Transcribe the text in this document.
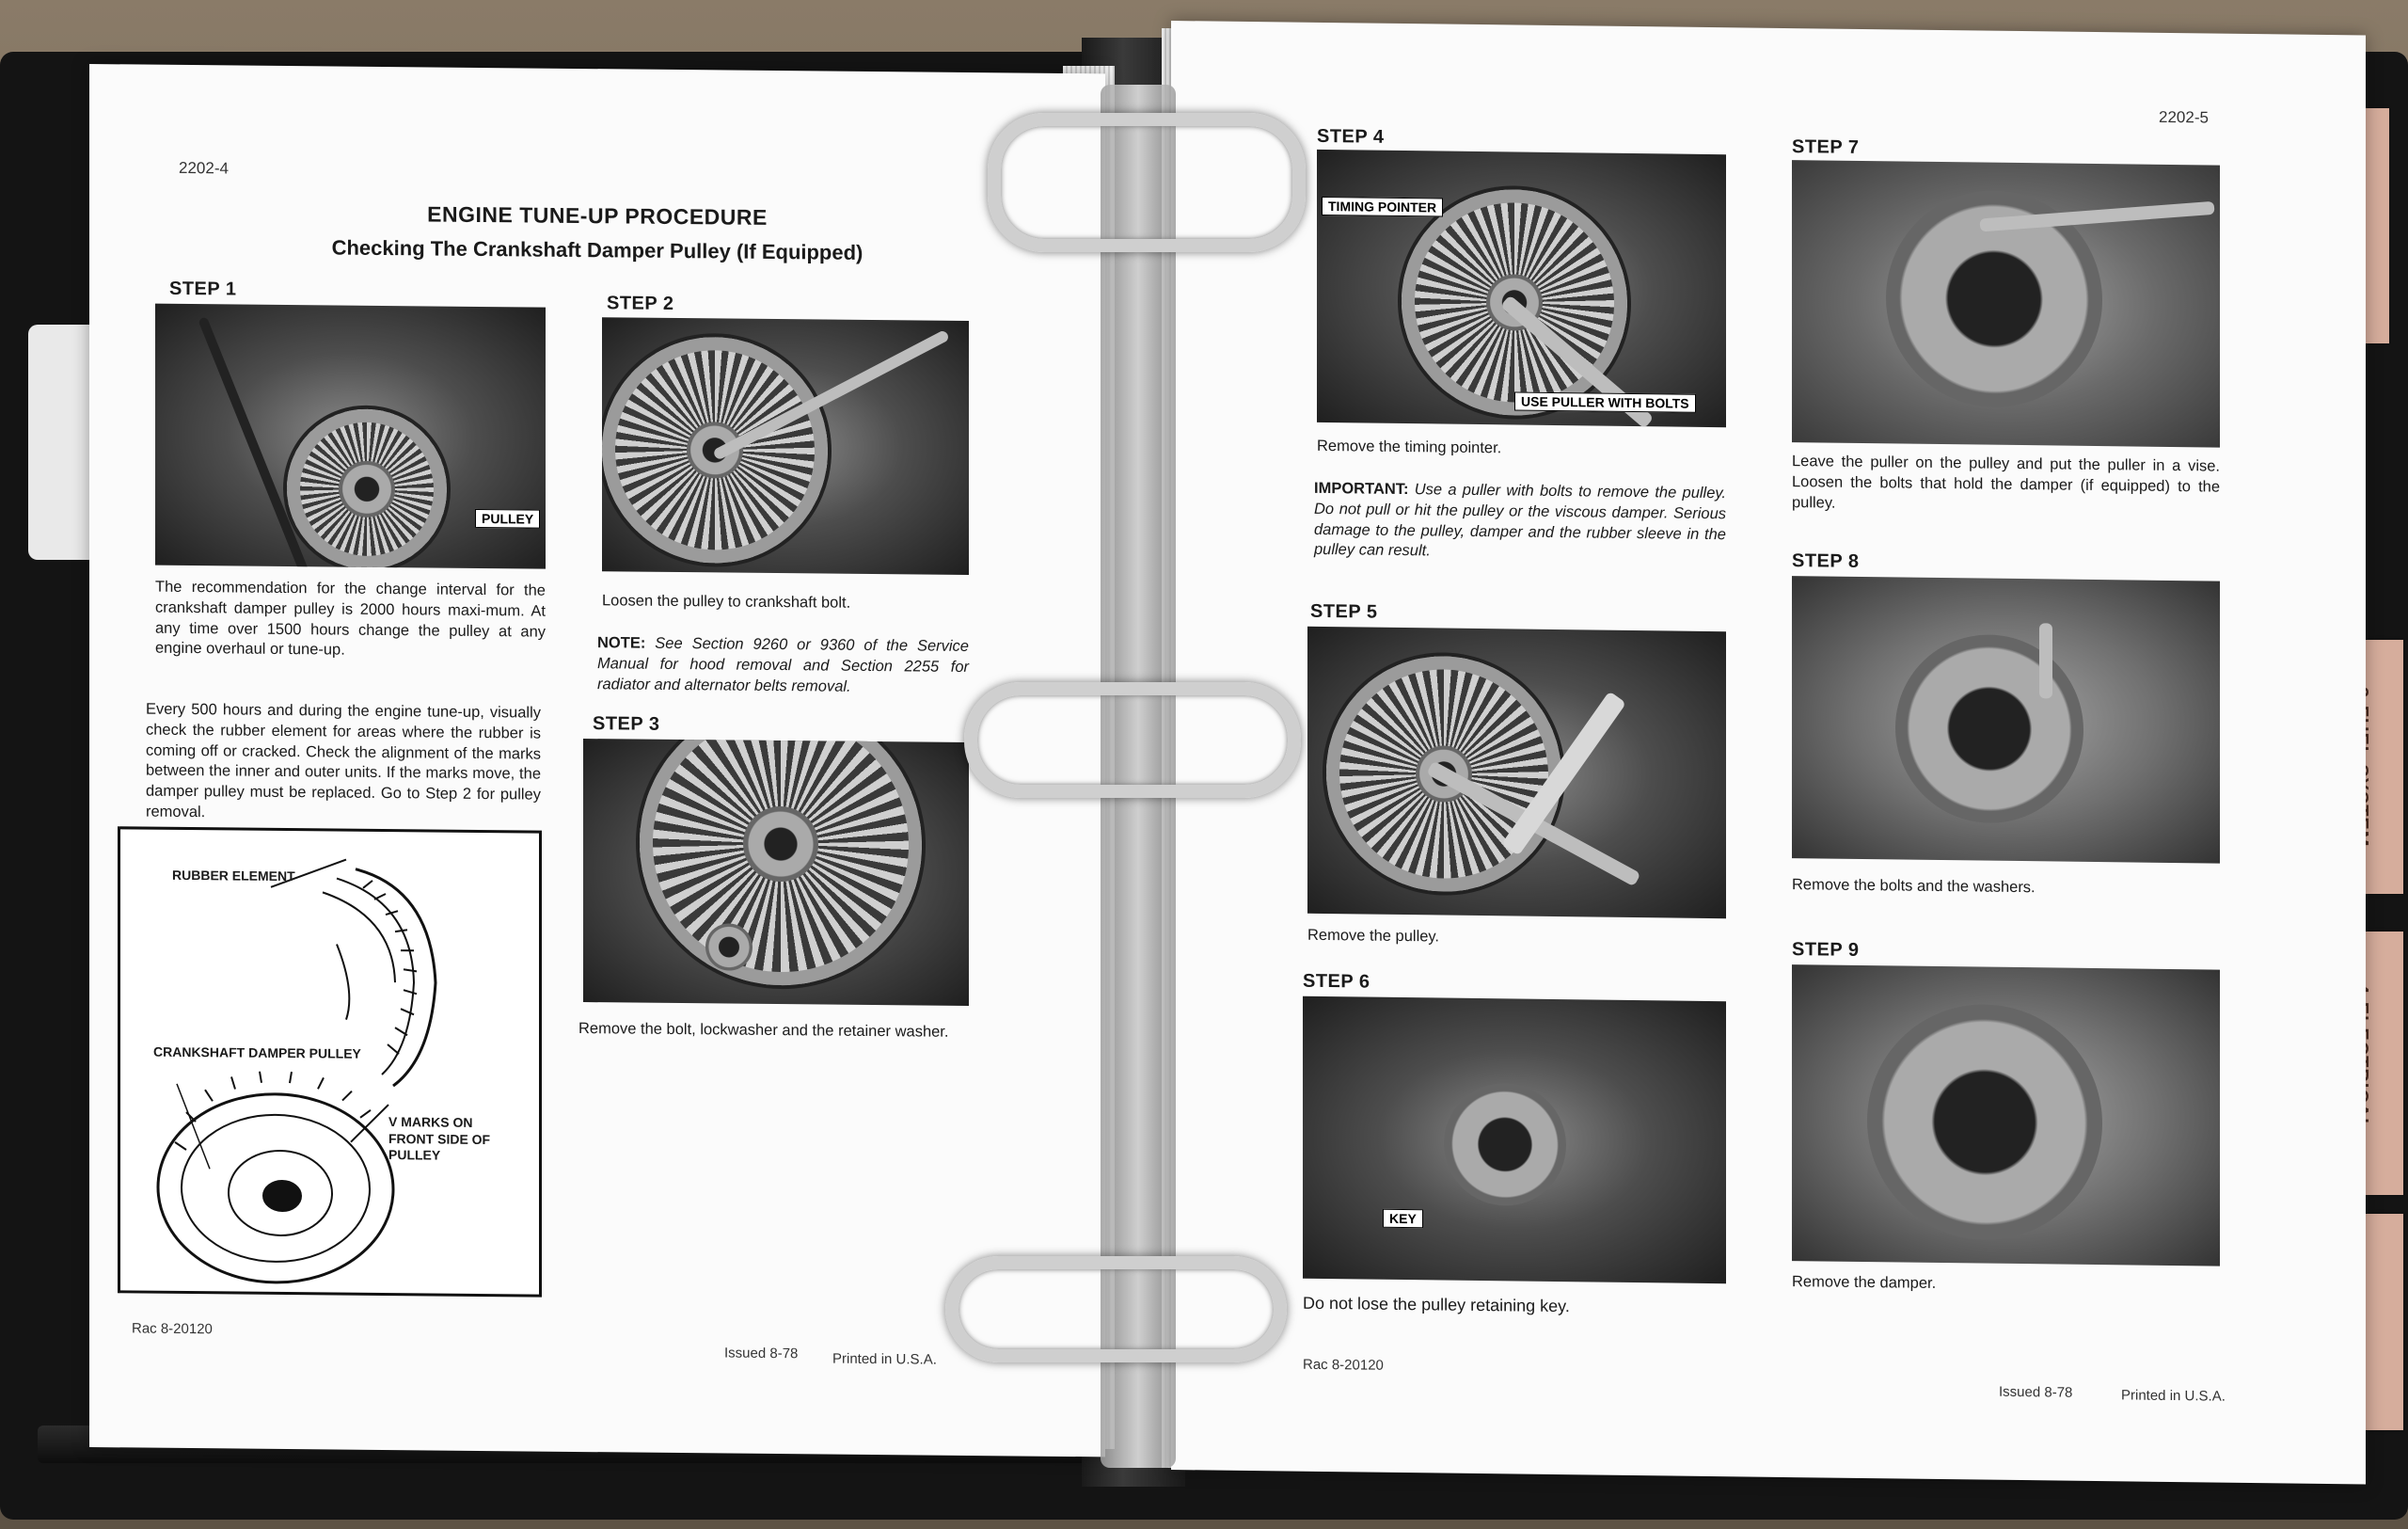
2202-4
ENGINE TUNE-UP PROCEDURE
Checking The Crankshaft Damper Pulley (If Equipped)
STEP 1
PULLEY
The recommendation for the change interval for the crankshaft damper pulley is 2000 hours maxi-mum. At any time over 1500 hours change the pulley at any engine overhaul or tune-up.
Every 500 hours and during the engine tune-up, visually check the rubber element for areas where the rubber is coming off or cracked. Check the alignment of the marks between the inner and outer units. If the marks move, the damper pulley must be replaced. Go to Step 2 for pulley removal.
STEP 2
Loosen the pulley to crankshaft bolt.
NOTE: See Section 9260 or 9360 of the Service Manual for hood removal and Section 2255 for radiator and alternator belts removal.
STEP 3
Remove the bolt, lockwasher and the retainer washer.
RUBBER ELEMENT
CRANKSHAFT DAMPER PULLEY
V MARKS ON FRONT SIDE OF PULLEY
Rac 8-20120
Issued 8-78 Printed in U.S.A.
2202-5
STEP 4
TIMING POINTER
USE PULLER WITH BOLTS
Remove the timing pointer.
IMPORTANT: Use a puller with bolts to remove the pulley. Do not pull or hit the pulley or the viscous damper. Serious damage to the pulley, damper and the rubber sleeve in the pulley can result.
STEP 5
Remove the pulley.
STEP 6
KEY
Do not lose the pulley retaining key.
STEP 7
Leave the puller on the pulley and put the puller in a vise. Loosen the bolts that hold the damper (if equipped) to the pulley.
STEP 8
Remove the bolts and the washers.
STEP 9
Remove the damper.
Rac 8-20120
Issued 8-78	Printed in U.S.A.
